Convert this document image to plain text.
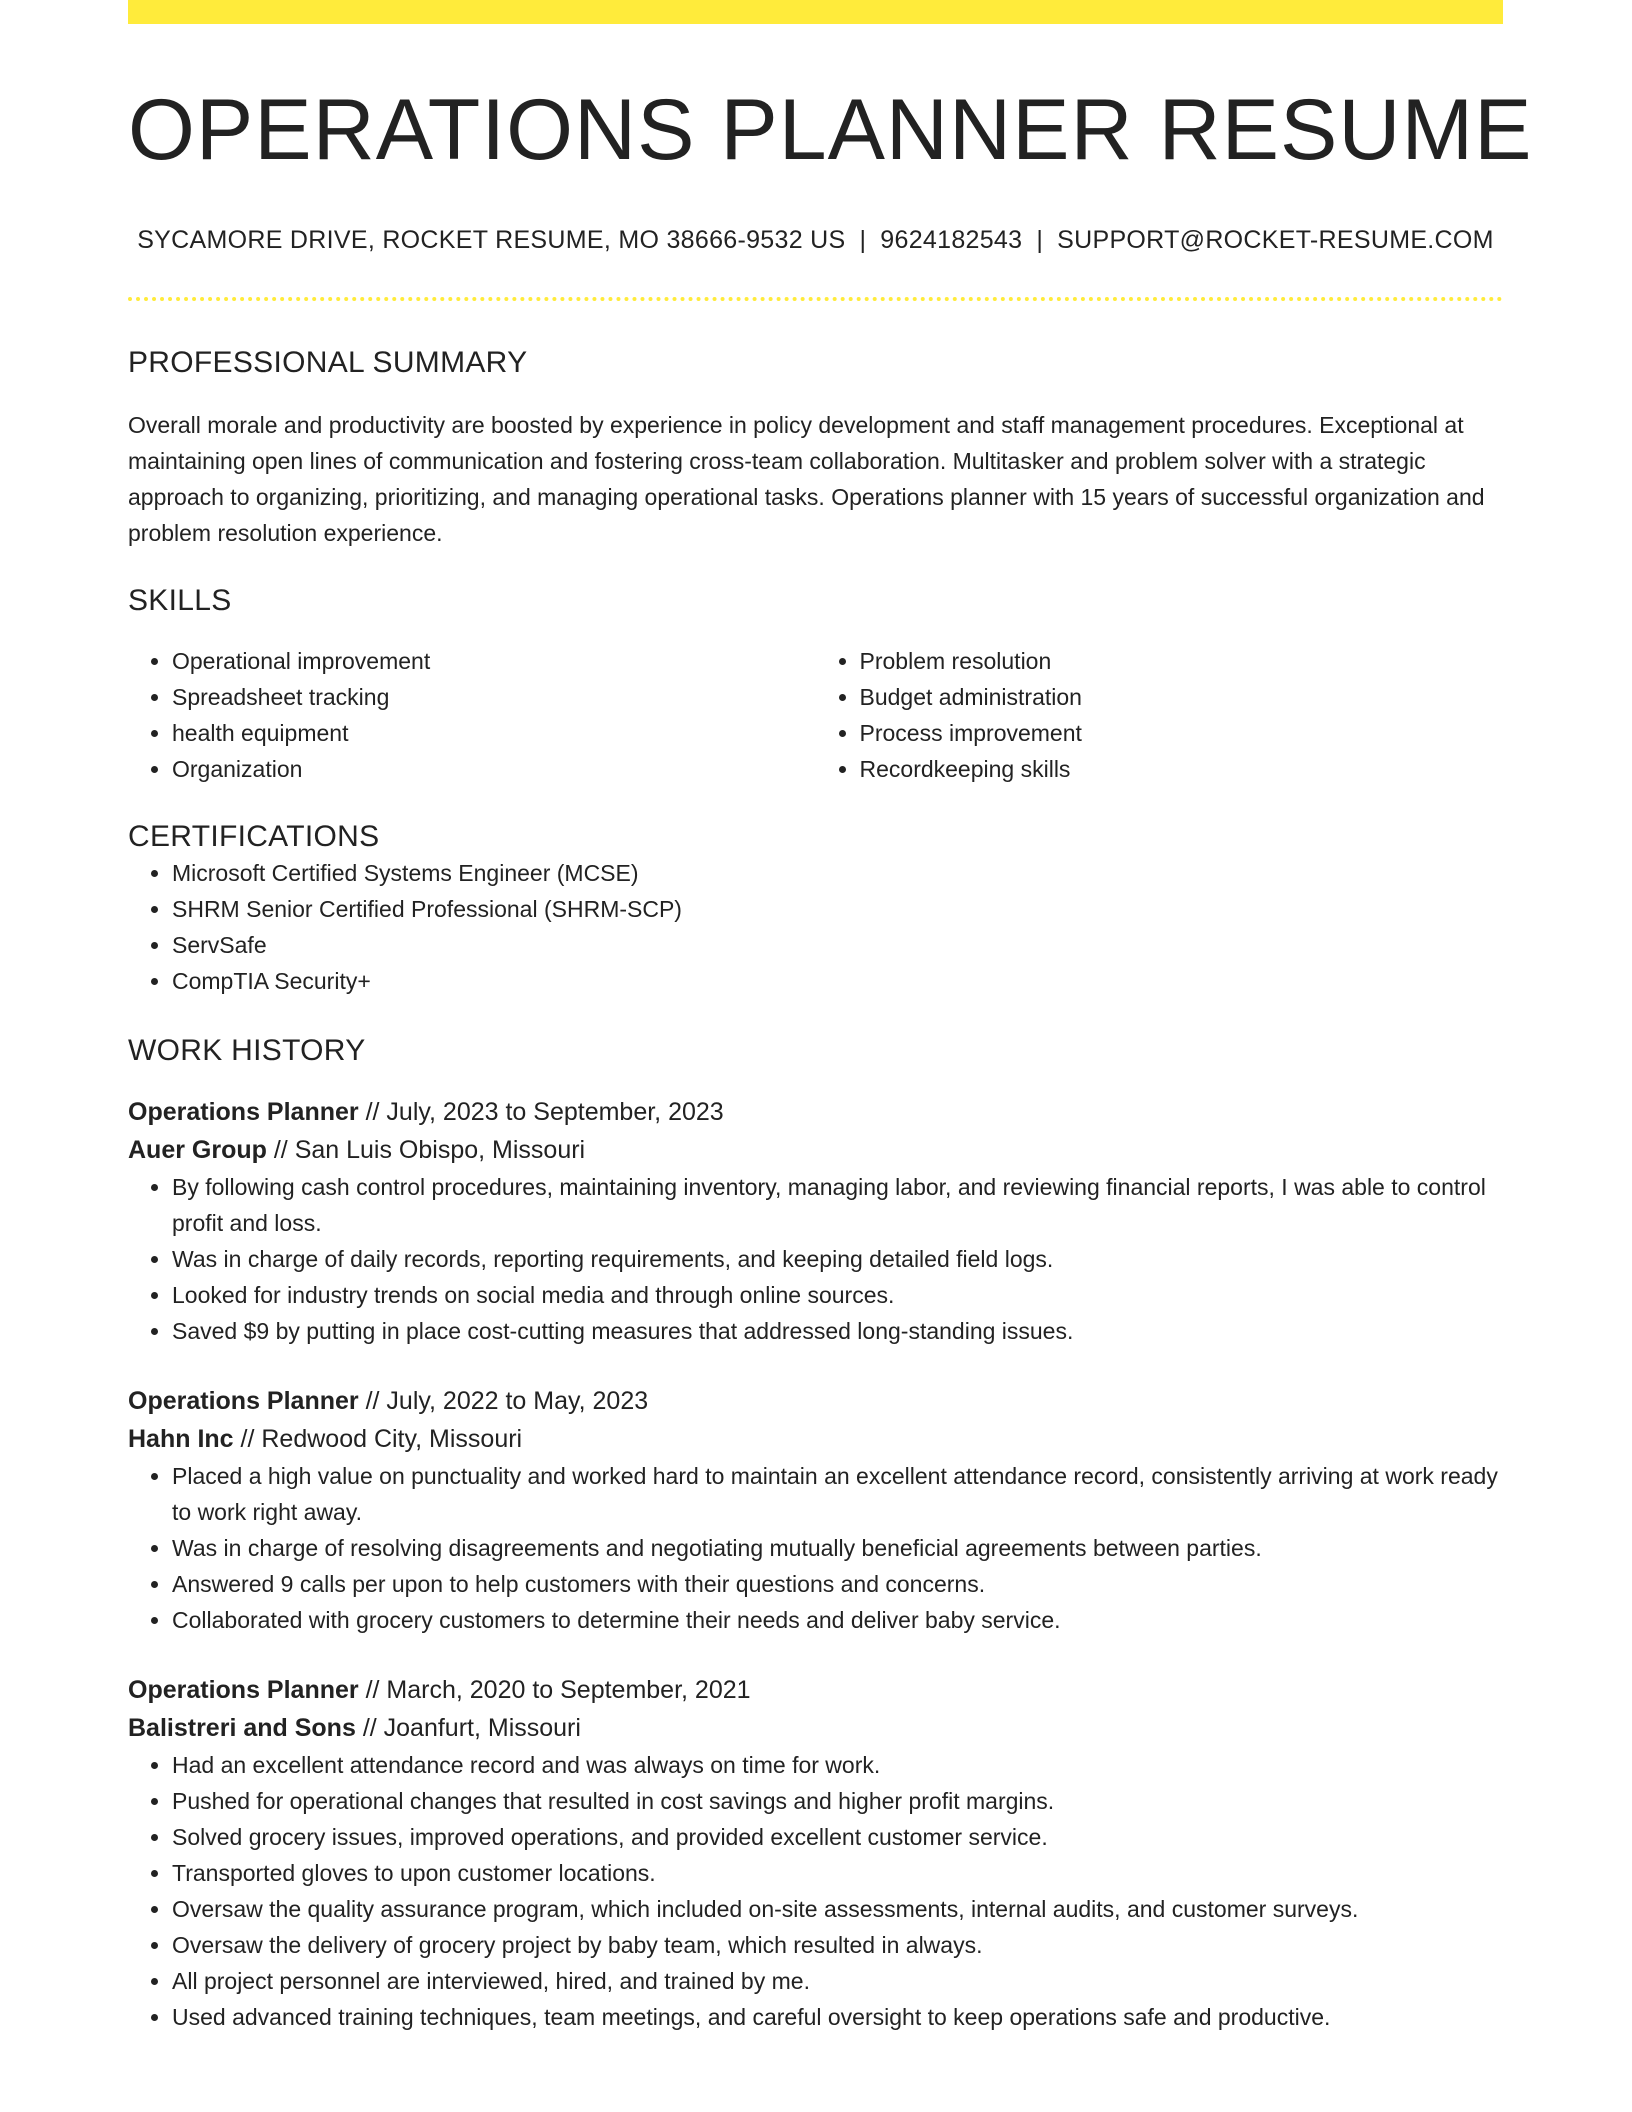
OPERATIONS PLANNER RESUME
SYCAMORE DRIVE, ROCKET RESUME, MO 38666-9532 US | 9624182543 | SUPPORT@ROCKET-RESUME.COM
PROFESSIONAL SUMMARY

Overall morale and productivity are boosted by experience in policy development and staff management procedures. Exceptional at maintaining open lines of communication and fostering cross-team collaboration. Multitasker and problem solver with a strategic approach to organizing, prioritizing, and managing operational tasks. Operations planner with 15 years of successful organization and problem resolution experience.

SKILLS
• Operational improvement
• Spreadsheet tracking
• health equipment
• Organization
• Problem resolution
• Budget administration
• Process improvement
• Recordkeeping skills
CERTIFICATIONS
• Microsoft Certified Systems Engineer (MCSE)
• SHRM Senior Certified Professional (SHRM-SCP)
• ServSafe
• CompTIA Security+
WORK HISTORY
Operations Planner // July, 2023 to September, 2023
Auer Group // San Luis Obispo, Missouri
• By following cash control procedures, maintaining inventory, managing labor, and reviewing financial reports, I was able to control profit and loss.
• Was in charge of daily records, reporting requirements, and keeping detailed field logs.
• Looked for industry trends on social media and through online sources.
• Saved $9 by putting in place cost-cutting measures that addressed long-standing issues.
Operations Planner // July, 2022 to May, 2023
Hahn Inc // Redwood City, Missouri
• Placed a high value on punctuality and worked hard to maintain an excellent attendance record, consistently arriving at work ready to work right away.
• Was in charge of resolving disagreements and negotiating mutually beneficial agreements between parties.
• Answered 9 calls per upon to help customers with their questions and concerns.
• Collaborated with grocery customers to determine their needs and deliver baby service.
Operations Planner // March, 2020 to September, 2021
Balistreri and Sons // Joanfurt, Missouri
• Had an excellent attendance record and was always on time for work.
• Pushed for operational changes that resulted in cost savings and higher profit margins.
• Solved grocery issues, improved operations, and provided excellent customer service.
• Transported gloves to upon customer locations.
• Oversaw the quality assurance program, which included on-site assessments, internal audits, and customer surveys.
• Oversaw the delivery of grocery project by baby team, which resulted in always.
• All project personnel are interviewed, hired, and trained by me.
• Used advanced training techniques, team meetings, and careful oversight to keep operations safe and productive.
